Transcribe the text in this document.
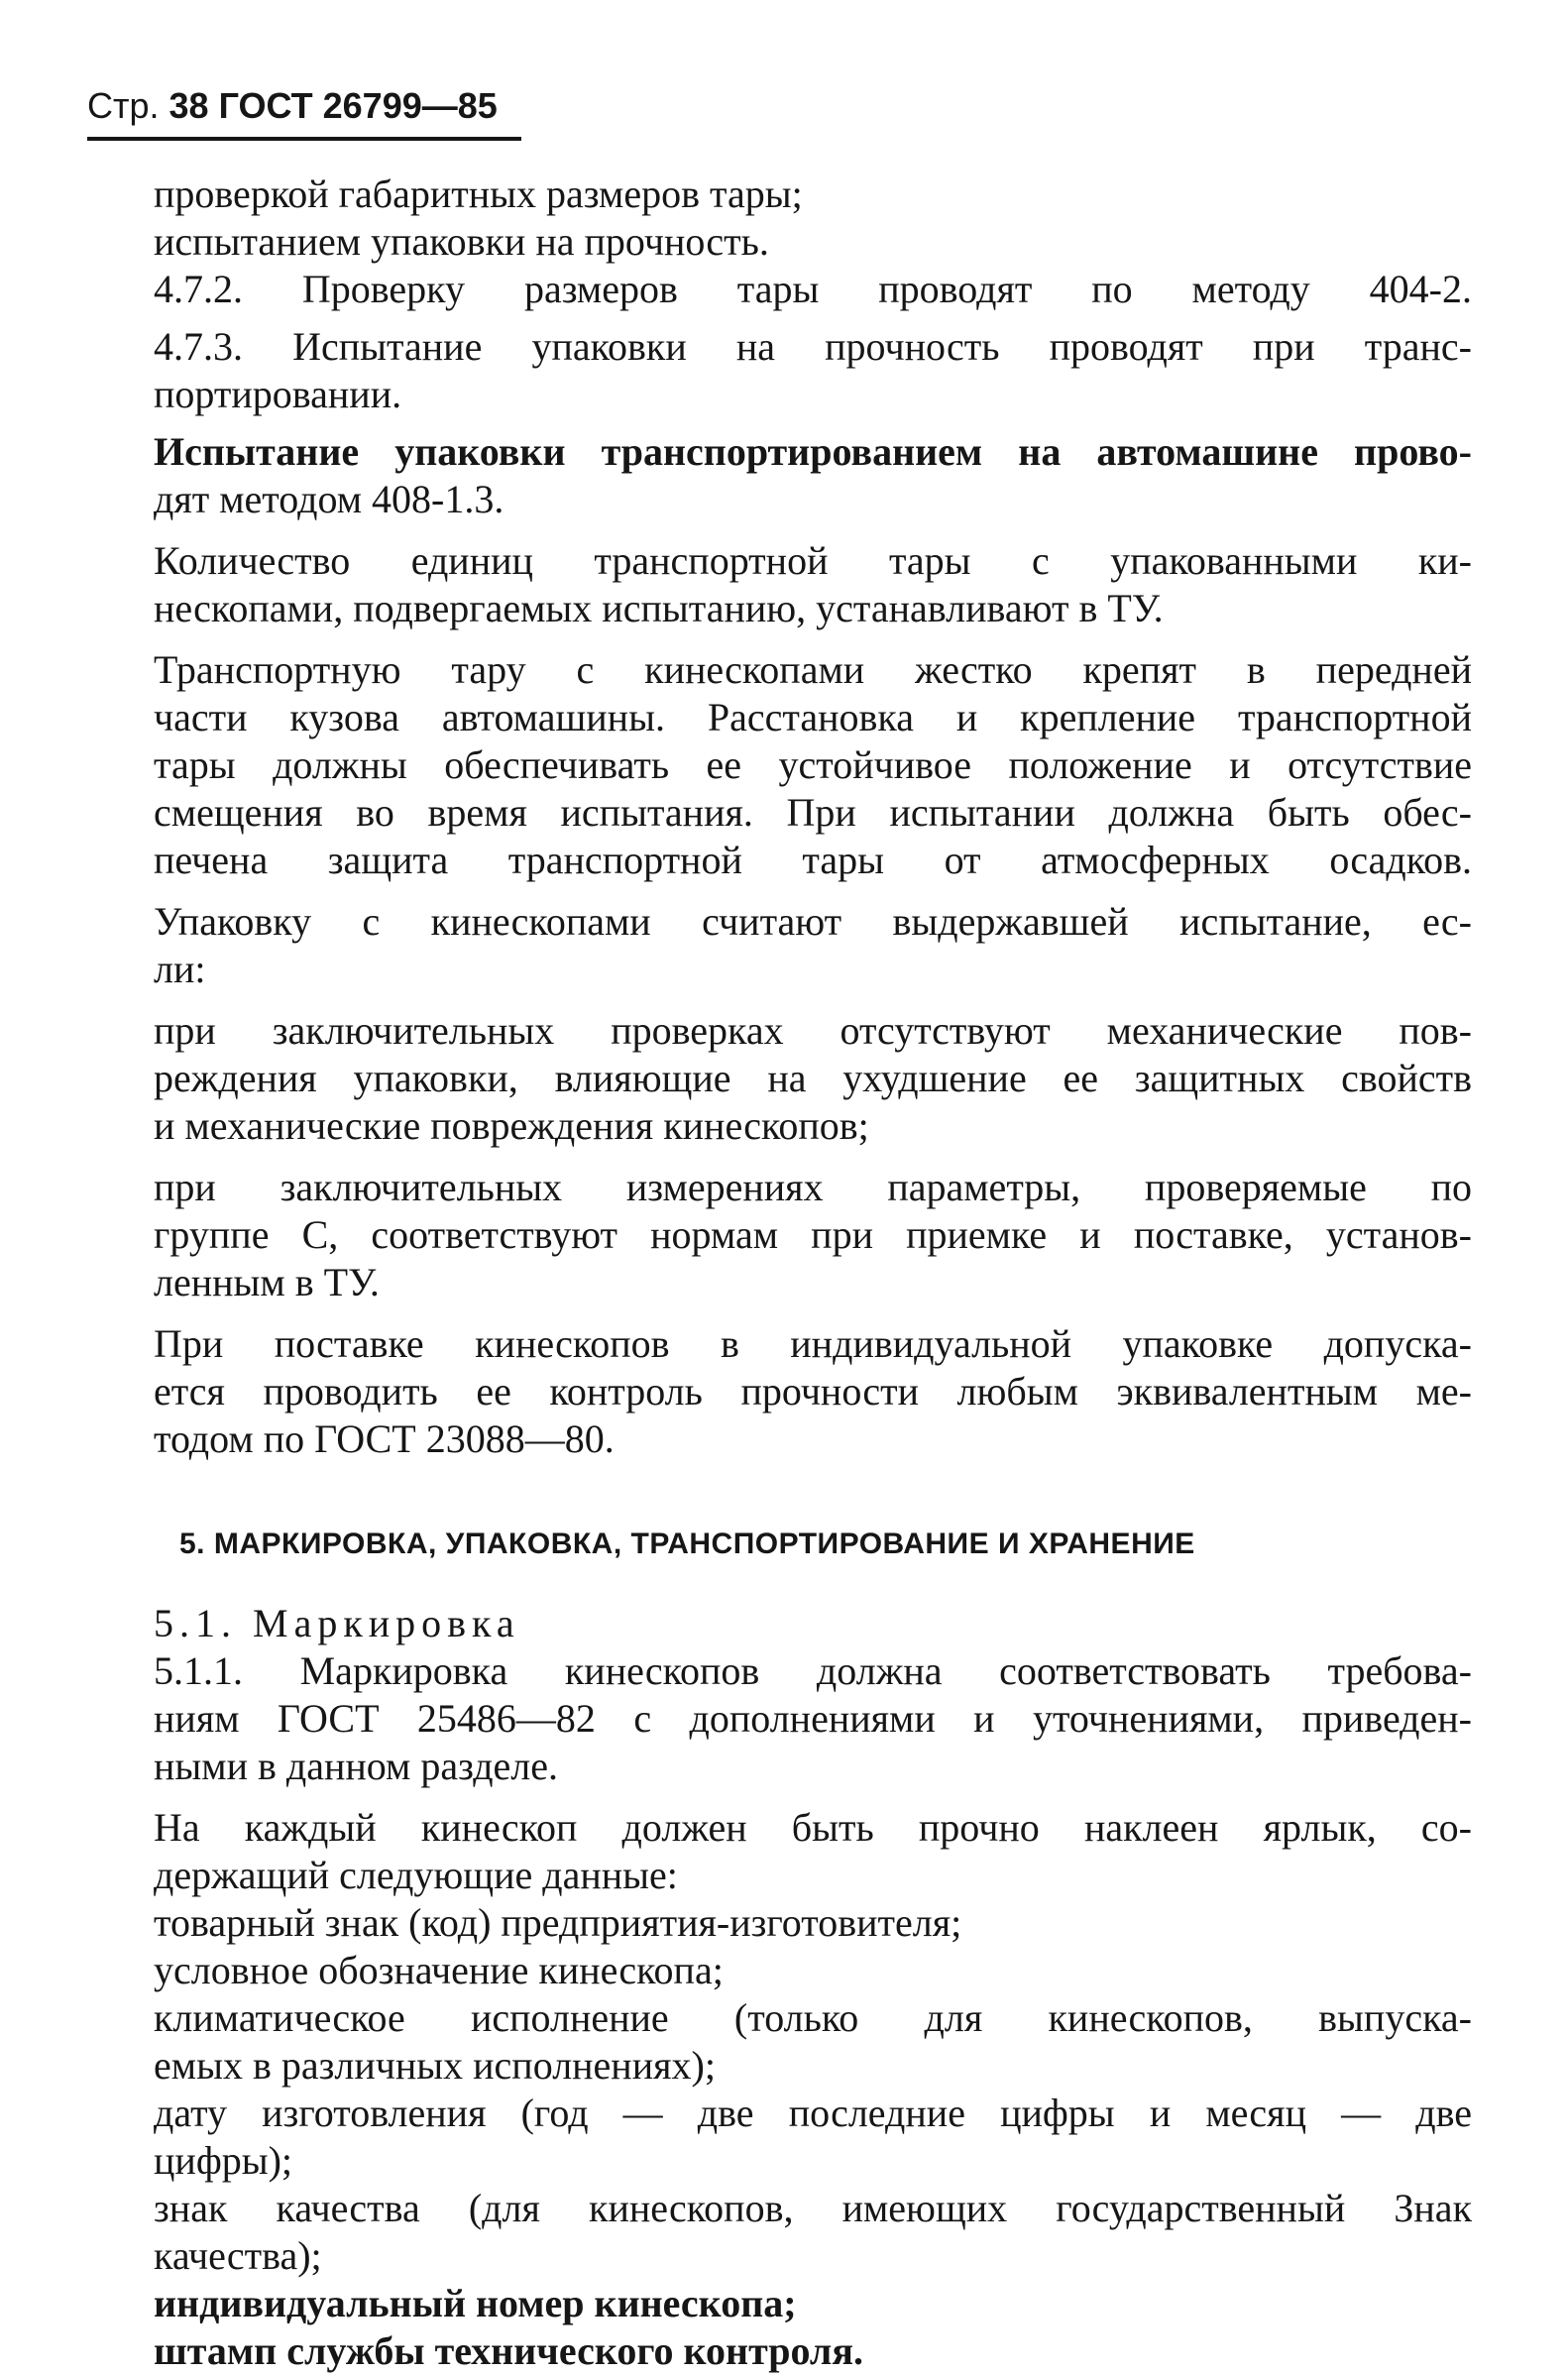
Стр. 38 ГОСТ 26799—85
проверкой габаритных размеров тары;
испытанием упаковки на прочность.
4.7.2. Проверку размеров тары проводят по методу 404-2.
4.7.3. Испытание упаковки на прочность проводят при транс-
портировании.
Испытание упаковки транспортированием на автомашине прово-
дят методом 408-1.3.
Количество единиц транспортной тары с упакованными ки-
нескопами, подвергаемых испытанию, устанавливают в ТУ.
Транспортную тару с кинескопами жестко крепят в передней
части кузова автомашины. Расстановка и крепление транспортной
тары должны обеспечивать ее устойчивое положение и отсутствие
смещения во время испытания. При испытании должна быть обес-
печена защита транспортной тары от атмосферных осадков.
Упаковку с кинескопами считают выдержавшей испытание, ес-
ли:
при заключительных проверках отсутствуют механические пов-
реждения упаковки, влияющие на ухудшение ее защитных свойств
и механические повреждения кинескопов;
при заключительных измерениях параметры, проверяемые по
группе С, соответствуют нормам при приемке и поставке, установ-
ленным в ТУ.
При поставке кинескопов в индивидуальной упаковке допуска-
ется проводить ее контроль прочности любым эквивалентным ме-
тодом по ГОСТ 23088—80.
5. МАРКИРОВКА, УПАКОВКА, ТРАНСПОРТИРОВАНИЕ И ХРАНЕНИЕ
5.1. Маркировка
5.1.1. Маркировка кинескопов должна соответствовать требова-
ниям ГОСТ 25486—82 с дополнениями и уточнениями, приведен-
ными в данном разделе.
На каждый кинескоп должен быть прочно наклеен ярлык, со-
держащий следующие данные:
товарный знак (код) предприятия-изготовителя;
условное обозначение кинескопа;
климатическое исполнение (только для кинескопов, выпуска-
емых в различных исполнениях);
дату изготовления (год — две последние цифры и месяц — две
цифры);
знак качества (для кинескопов, имеющих государственный Знак
качества);
индивидуальный номер кинескопа;
штамп службы технического контроля.
